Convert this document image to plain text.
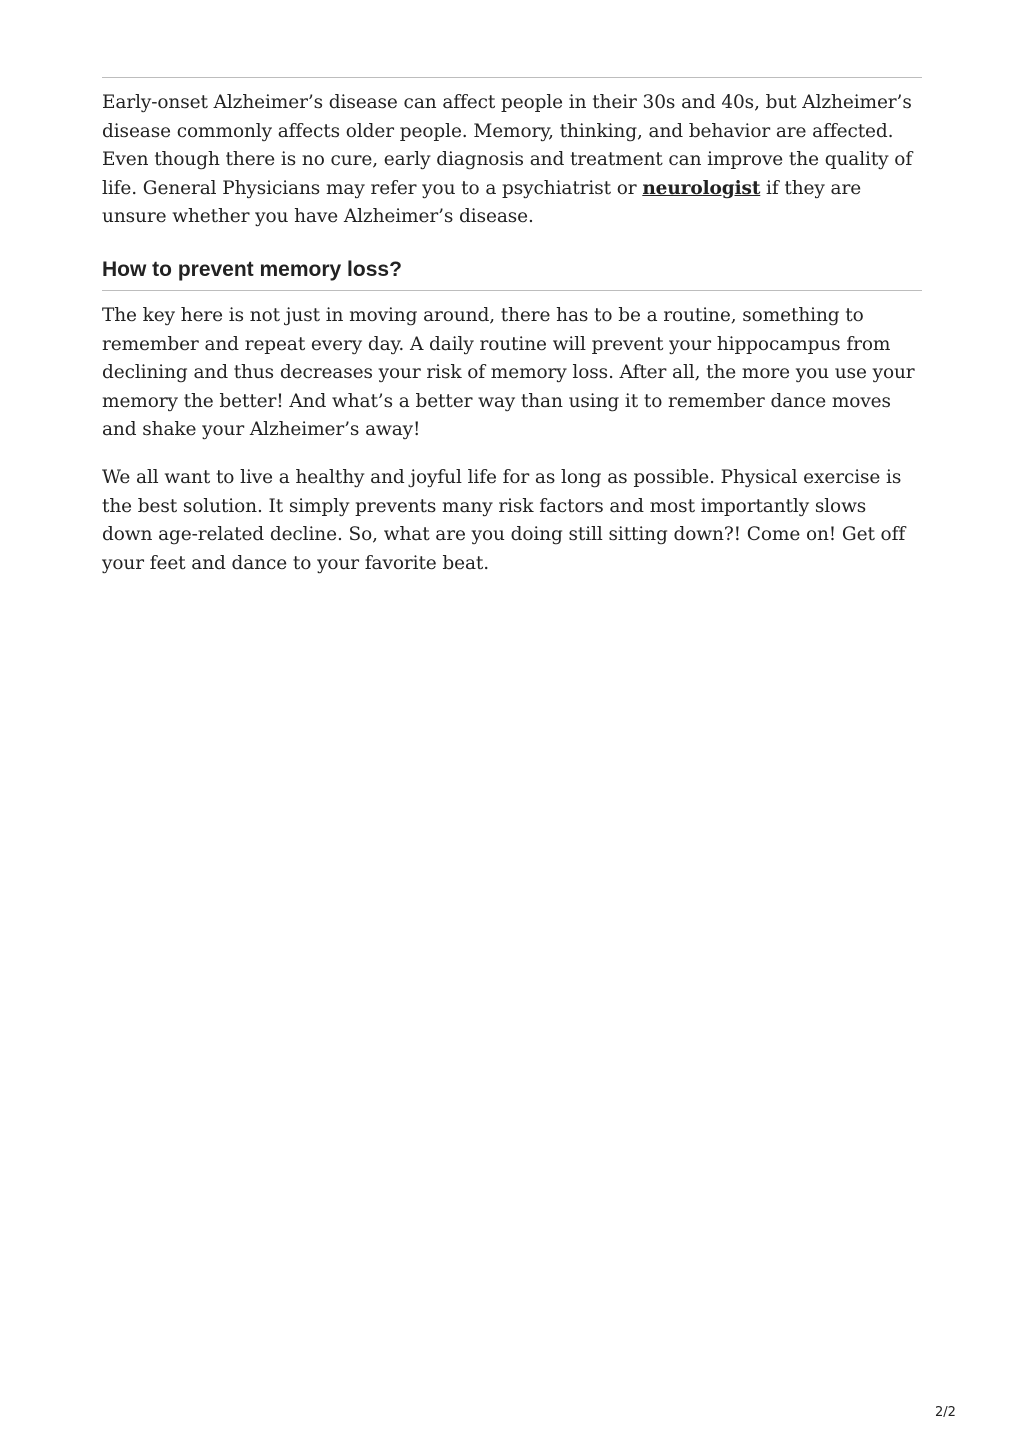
Early-onset Alzheimer’s disease can affect people in their 30s and 40s, but Alzheimer’s disease commonly affects older people. Memory, thinking, and behavior are affected. Even though there is no cure, early diagnosis and treatment can improve the quality of life. General Physicians may refer you to a psychiatrist or neurologist if they are unsure whether you have Alzheimer’s disease.

How to prevent memory loss?

The key here is not just in moving around, there has to be a routine, something to remember and repeat every day. A daily routine will prevent your hippocampus from declining and thus decreases your risk of memory loss. After all, the more you use your memory the better! And what’s a better way than using it to remember dance moves and shake your Alzheimer’s away!

We all want to live a healthy and joyful life for as long as possible. Physical exercise is the best solution. It simply prevents many risk factors and most importantly slows down age-related decline. So, what are you doing still sitting down?! Come on! Get off your feet and dance to your favorite beat.

2/2
